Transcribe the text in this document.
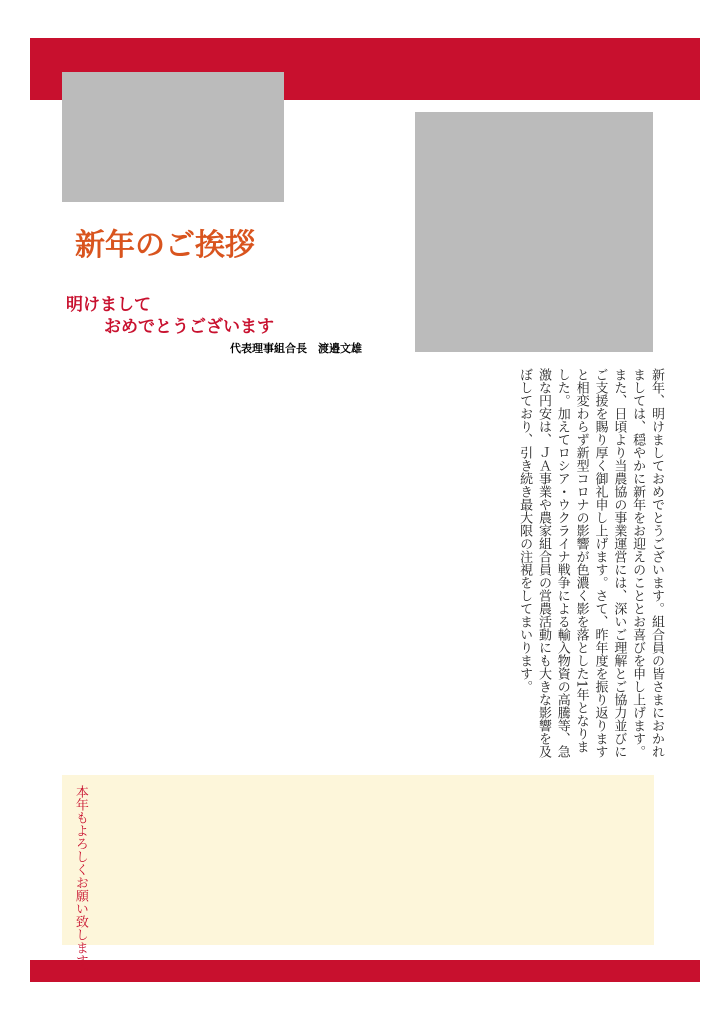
新年のご挨拶
明けまして
おめでとうございます
代表理事組合長　渡邉文雄
新年、明けましておめでとうございます。組合員の皆さまにおかれましては、穏やかに新年をお迎えのこととお喜びを申し上げます。また、日頃より当農協の事業運営には、深いご理解とご協力並びにご支援を賜り厚く御礼申し上げます。さて、昨年度を振り返りますと相変わらず新型コロナの影響が色濃く影を落とした1年となりました。加えてロシア・ウクライナ戦争による輸入物資の高騰等、急激な円安は、ＪＡ事業や農家組合員の営農活動にも大きな影響を及ぼしており、引き続き最大限の注視をしてまいります。
本年もよろしくお願い致します。
